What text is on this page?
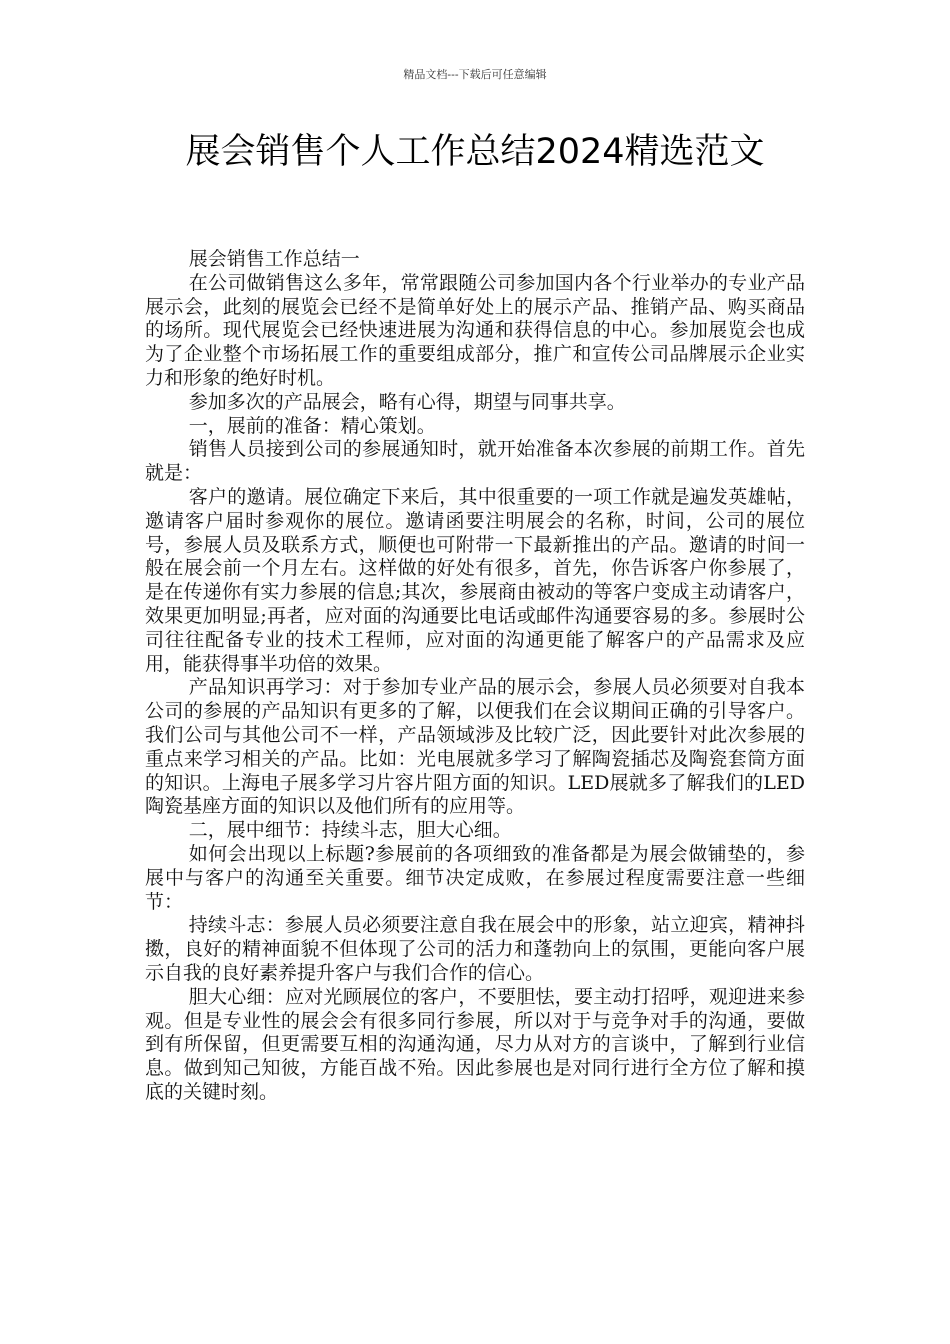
精品文档---下载后可任意编辑
展会销售个人工作总结2024精选范文

展会销售工作总结一

在公司做销售这么多年，常常跟随公司参加国内各个行业举办的专业产品展示会，此刻的展览会已经不是简单好处上的展示产品、推销产品、购买商品的场所。现代展览会已经快速进展为沟通和获得信息的中心。参加展览会也成为了企业整个市场拓展工作的重要组成部分，推广和宣传公司品牌展示企业实力和形象的绝好时机。

参加多次的产品展会，略有心得，期望与同事共享。

一，展前的准备：精心策划。

销售人员接到公司的参展通知时，就开始准备本次参展的前期工作。首先就是：

客户的邀请。展位确定下来后，其中很重要的一项工作就是遍发英雄帖，邀请客户届时参观你的展位。邀请函要注明展会的名称，时间，公司的展位号，参展人员及联系方式，顺便也可附带一下最新推出的产品。邀请的时间一般在展会前一个月左右。这样做的好处有很多，首先，你告诉客户你参展了，是在传递你有实力参展的信息;其次，参展商由被动的等客户变成主动请客户，效果更加明显;再者，应对面的沟通要比电话或邮件沟通要容易的多。参展时公司往往配备专业的技术工程师，应对面的沟通更能了解客户的产品需求及应用，能获得事半功倍的效果。

产品知识再学习：对于参加专业产品的展示会，参展人员必须要对自我本公司的参展的产品知识有更多的了解，以便我们在会议期间正确的引导客户。我们公司与其他公司不一样，产品领域涉及比较广泛，因此要针对此次参展的重点来学习相关的产品。比如：光电展就多学习了解陶瓷插芯及陶瓷套筒方面的知识。上海电子展多学习片容片阻方面的知识。LED展就多了解我们的LED陶瓷基座方面的知识以及他们所有的应用等。

二，展中细节：持续斗志，胆大心细。

如何会出现以上标题?参展前的各项细致的准备都是为展会做铺垫的，参展中与客户的沟通至关重要。细节决定成败，在参展过程度需要注意一些细节：

持续斗志：参展人员必须要注意自我在展会中的形象，站立迎宾，精神抖擞，良好的精神面貌不但体现了公司的活力和蓬勃向上的氛围，更能向客户展示自我的良好素养提升客户与我们合作的信心。

胆大心细：应对光顾展位的客户，不要胆怯，要主动打招呼，观迎进来参观。但是专业性的展会会有很多同行参展，所以对于与竞争对手的沟通，要做到有所保留，但更需要互相的沟通沟通，尽力从对方的言谈中，了解到行业信息。做到知己知彼，方能百战不殆。因此参展也是对同行进行全方位了解和摸底的关键时刻。
